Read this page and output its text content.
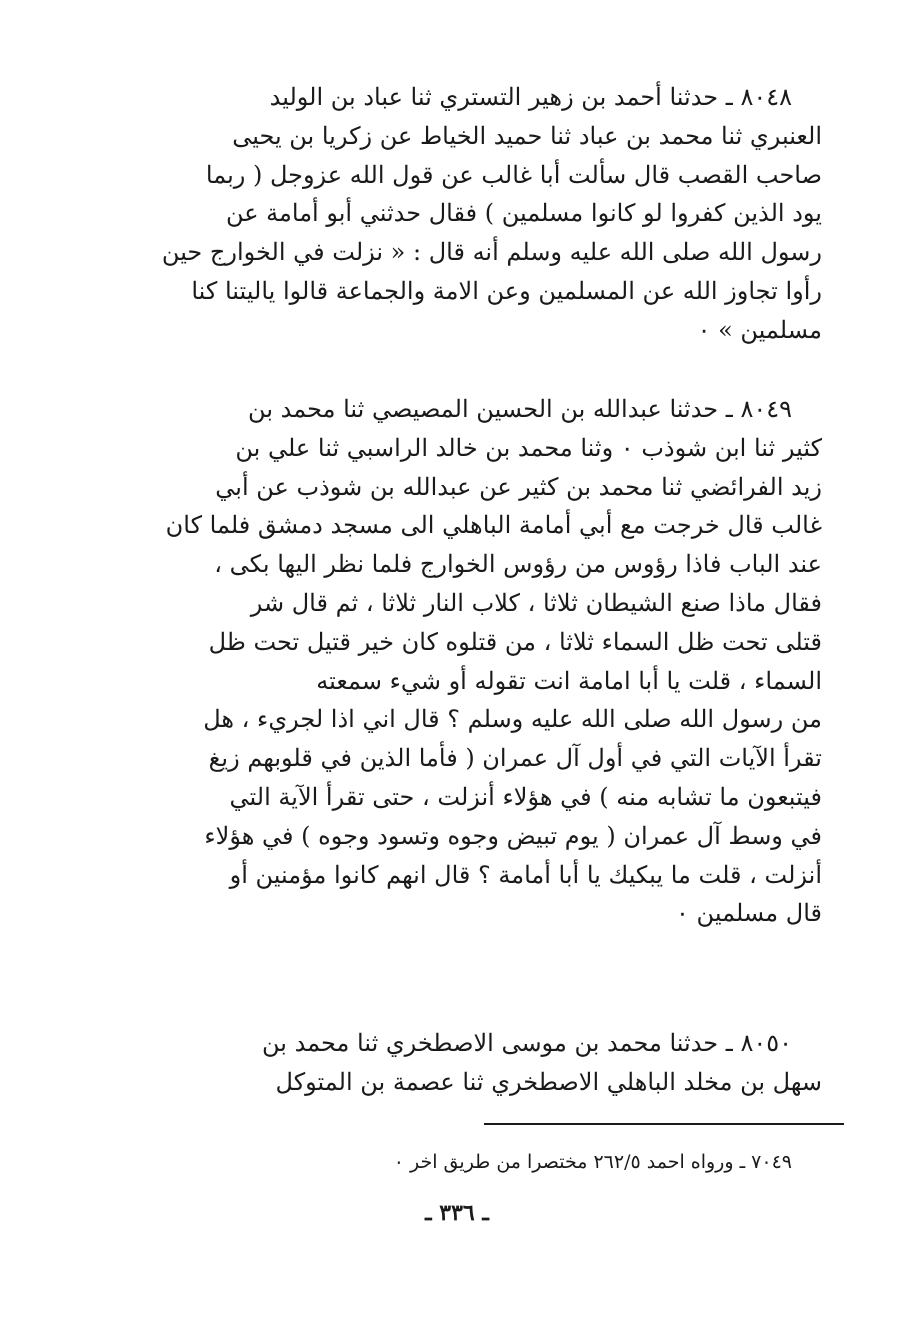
٨٠٤٨ ـ حدثنا أحمد بن زهير التستري ثنا عباد بن الوليد
العنبري ثنا محمد بن عباد ثنا حميد الخياط عن زكريا بن يحيى
صاحب القصب قال سألت أبا غالب عن قول الله عزوجل ( ربما
يود الذين كفروا لو كانوا مسلمين ) فقال حدثني أبو أمامة عن
رسول الله صلى الله عليه وسلم أنه قال : « نزلت في الخوارج حين
رأوا تجاوز الله عن المسلمين وعن الامة والجماعة قالوا ياليتنا كنا
مسلمين » ٠
٨٠٤٩ ـ حدثنا عبدالله بن الحسين المصيصي ثنا محمد بن
كثير ثنا ابن شوذب ٠ وثنا محمد بن خالد الراسبي ثنا علي بن
زيد الفرائضي ثنا محمد بن كثير عن عبدالله بن شوذب عن أبي
غالب قال خرجت مع أبي أمامة الباهلي الى مسجد دمشق فلما كان
عند الباب فاذا رؤوس من رؤوس الخوارج فلما نظر اليها بكى ،
فقال ماذا صنع الشيطان ثلاثا ، كلاب النار ثلاثا ، ثم قال شر
قتلى تحت ظل السماء ثلاثا ، من قتلوه كان خير قتيل تحت ظل
السماء ، قلت يا أبا امامة انت تقوله أو شيء سمعته
من رسول الله صلى الله عليه وسلم ؟ قال اني اذا لجريء ، هل
تقرأ الآيات التي في أول آل عمران ( فأما الذين في قلوبهم زيغ
فيتبعون ما تشابه منه ) في هؤلاء أنزلت ، حتى تقرأ الآية التي
في وسط آل عمران ( يوم تبيض وجوه وتسود وجوه ) في هؤلاء
أنزلت ، قلت ما يبكيك يا أبا أمامة ؟ قال انهم كانوا مؤمنين أو
قال مسلمين ٠
٨٠٥٠ ـ حدثنا محمد بن موسى الاصطخري ثنا محمد بن
سهل بن مخلد الباهلي الاصطخري ثنا عصمة بن المتوكل
٧٠٤٩ ـ ورواه احمد ٢٦٢/٥ مختصرا من طريق اخر ٠
ـ ٣٣٦ ـ
